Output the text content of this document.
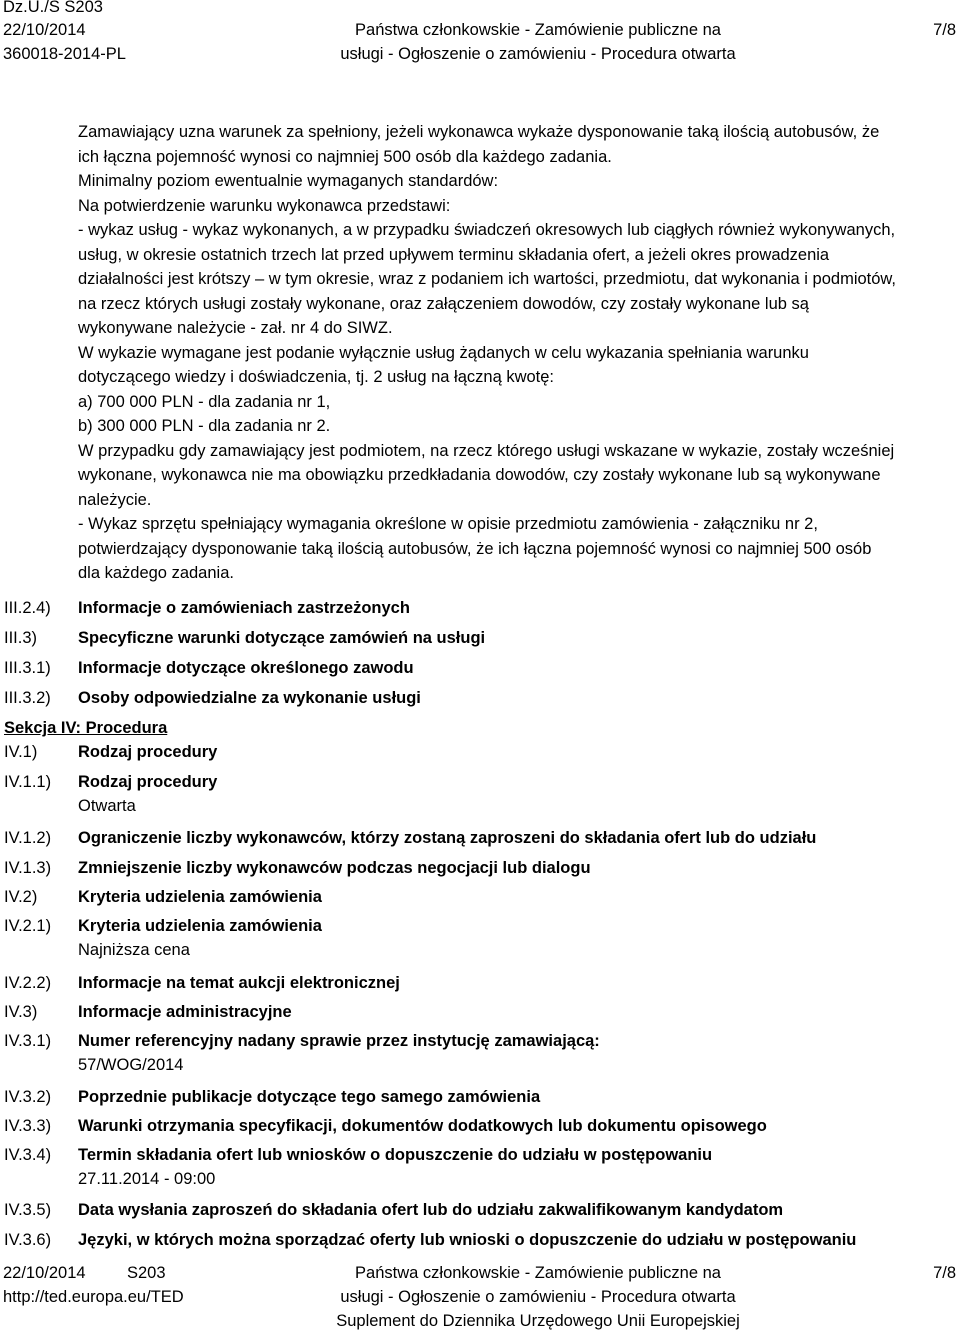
Dz.U./S S203
22/10/2014
360018-2014-PL
Państwa członkowskie - Zamówienie publiczne na
usługi - Ogłoszenie o zamówieniu - Procedura otwarta
7/8

Zamawiający uzna warunek za spełniony, jeżeli wykonawca wykaże dysponowanie taką ilością autobusów, że

ich łączna pojemność wynosi co najmniej 500 osób dla każdego zadania.

Minimalny poziom ewentualnie wymaganych standardów:

Na potwierdzenie warunku wykonawca przedstawi:

- wykaz usług - wykaz wykonanych, a w przypadku świadczeń okresowych lub ciągłych również wykonywanych,

usług, w okresie ostatnich trzech lat przed upływem terminu składania ofert, a jeżeli okres prowadzenia

działalności jest krótszy – w tym okresie, wraz z podaniem ich wartości, przedmiotu, dat wykonania i podmiotów,

na rzecz których usługi zostały wykonane, oraz załączeniem dowodów, czy zostały wykonane lub są

wykonywane należycie - zał. nr 4 do SIWZ.

W wykazie wymagane jest podanie wyłącznie usług żądanych w celu wykazania spełniania warunku

dotyczącego wiedzy i doświadczenia, tj. 2 usług na łączną kwotę:

a) 700 000 PLN - dla zadania nr 1,

b) 300 000 PLN - dla zadania nr 2.

W przypadku gdy zamawiający jest podmiotem, na rzecz którego usługi wskazane w wykazie, zostały wcześniej

wykonane, wykonawca nie ma obowiązku przedkładania dowodów, czy zostały wykonane lub są wykonywane

należycie.

- Wykaz sprzętu spełniający wymagania określone w opisie przedmiotu zamówienia - załączniku nr 2,

potwierdzający dysponowanie taką ilością autobusów, że ich łączna pojemność wynosi co najmniej 500 osób

dla każdego zadania.

III.2.4) Informacje o zamówieniach zastrzeżonych
III.3) Specyficzne warunki dotyczące zamówień na usługi
III.3.1) Informacje dotyczące określonego zawodu
III.3.2) Osoby odpowiedzialne za wykonanie usługi
Sekcja IV: Procedura
IV.1) Rodzaj procedury
IV.1.1) Rodzaj procedury
Otwarta
IV.1.2) Ograniczenie liczby wykonawców, którzy zostaną zaproszeni do składania ofert lub do udziału
IV.1.3) Zmniejszenie liczby wykonawców podczas negocjacji lub dialogu
IV.2) Kryteria udzielenia zamówienia
IV.2.1) Kryteria udzielenia zamówienia
Najniższa cena
IV.2.2) Informacje na temat aukcji elektronicznej
IV.3) Informacje administracyjne
IV.3.1) Numer referencyjny nadany sprawie przez instytucję zamawiającą:
57/WOG/2014
IV.3.2) Poprzednie publikacje dotyczące tego samego zamówienia
IV.3.3) Warunki otrzymania specyfikacji, dokumentów dodatkowych lub dokumentu opisowego
IV.3.4) Termin składania ofert lub wniosków o dopuszczenie do udziału w postępowaniu
27.11.2014 - 09:00
IV.3.5) Data wysłania zaproszeń do składania ofert lub do udziału zakwalifikowanym kandydatom
IV.3.6) Języki, w których można sporządzać oferty lub wnioski o dopuszczenie do udziału w postępowaniu
22/10/2014	S203
http://ted.europa.eu/TED
Państwa członkowskie - Zamówienie publiczne na
usługi - Ogłoszenie o zamówieniu - Procedura otwarta
Suplement do Dziennika Urzędowego Unii Europejskiej
7/8
